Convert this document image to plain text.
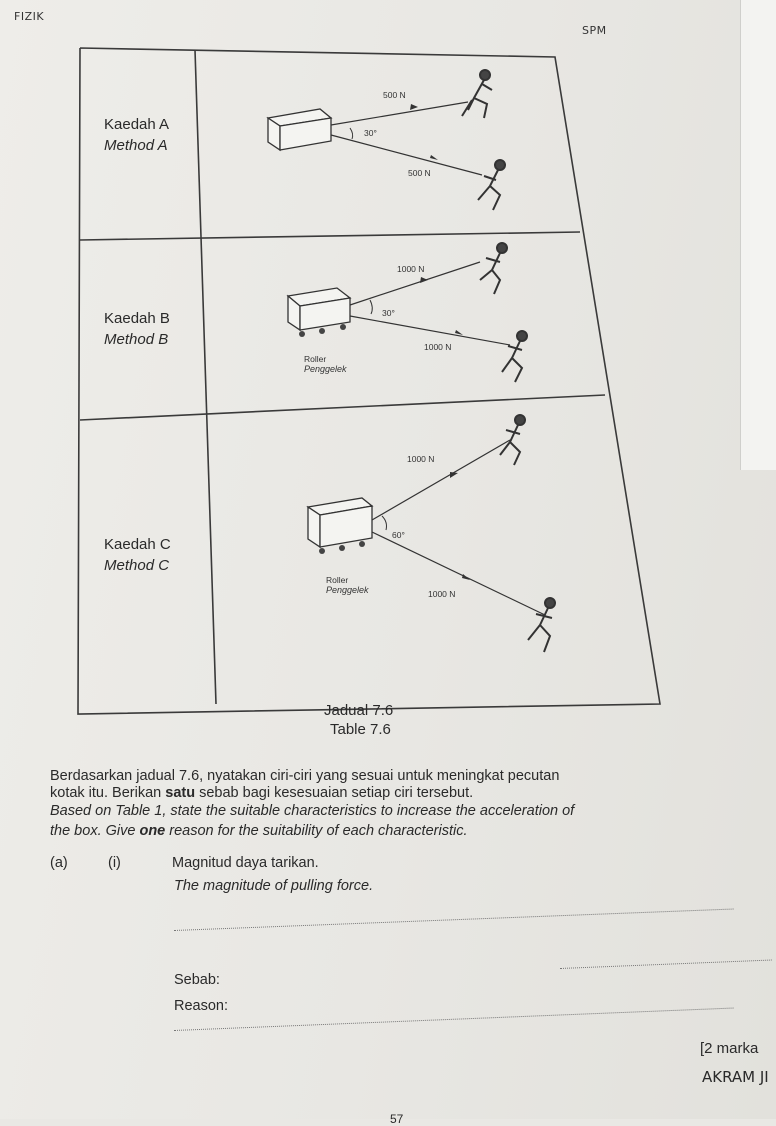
FIZIK
SPM
500 N
30°
500 N
1000 N
30°
1000 N
Roller
Penggelek
1000 N
60°
1000 N
Roller
Penggelek
Kaedah A
Method A
Kaedah B
Method B
Kaedah C
Method C
Jadual 7.6
Table 7.6
Berdasarkan jadual 7.6, nyatakan ciri-ciri yang sesuai untuk meningkat pecutan
kotak itu. Berikan satu sebab bagi kesesuaian setiap ciri tersebut.
Based on Table 1, state the suitable characteristics to increase the acceleration of
the box. Give one reason for the suitability of each characteristic.
(a)	(i)	Magnitud daya tarikan.
The magnitude of pulling force.
Sebab:
Reason:
[2 marka
AKRAM JI
57
